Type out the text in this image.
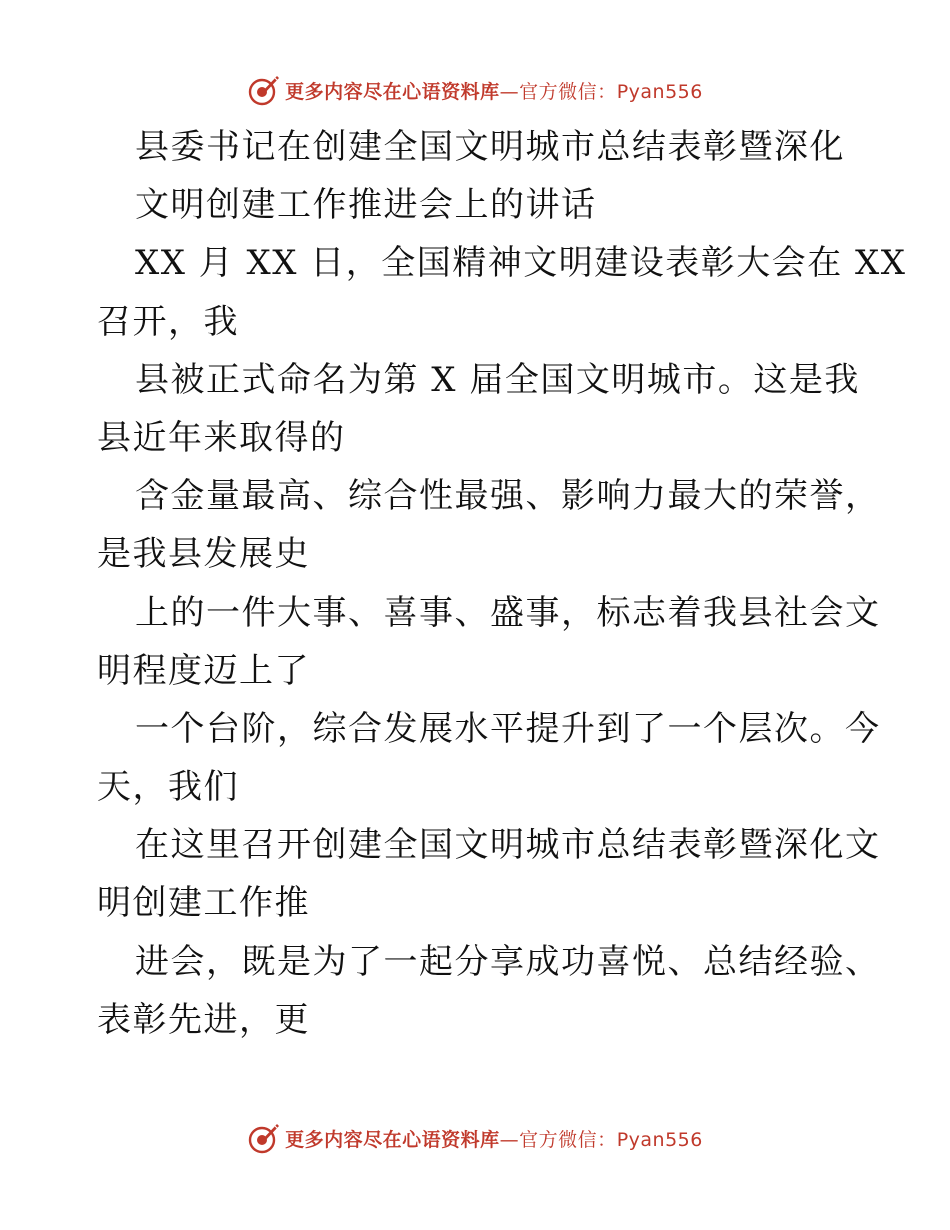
更多内容尽在心语资料库—官方微信：Pyan556
县委书记在创建全国文明城市总结表彰暨深化
文明创建工作推进会上的讲话
XX 月 XX 日，全国精神文明建设表彰大会在 XX
召开，我
县被正式命名为第 X 届全国文明城市。这是我
县近年来取得的
含金量最高、综合性最强、影响力最大的荣誉，
是我县发展史
上的一件大事、喜事、盛事，标志着我县社会文
明程度迈上了
一个台阶，综合发展水平提升到了一个层次。今
天，我们
在这里召开创建全国文明城市总结表彰暨深化文
明创建工作推
进会，既是为了一起分享成功喜悦、总结经验、
表彰先进，更
更多内容尽在心语资料库—官方微信：Pyan556
